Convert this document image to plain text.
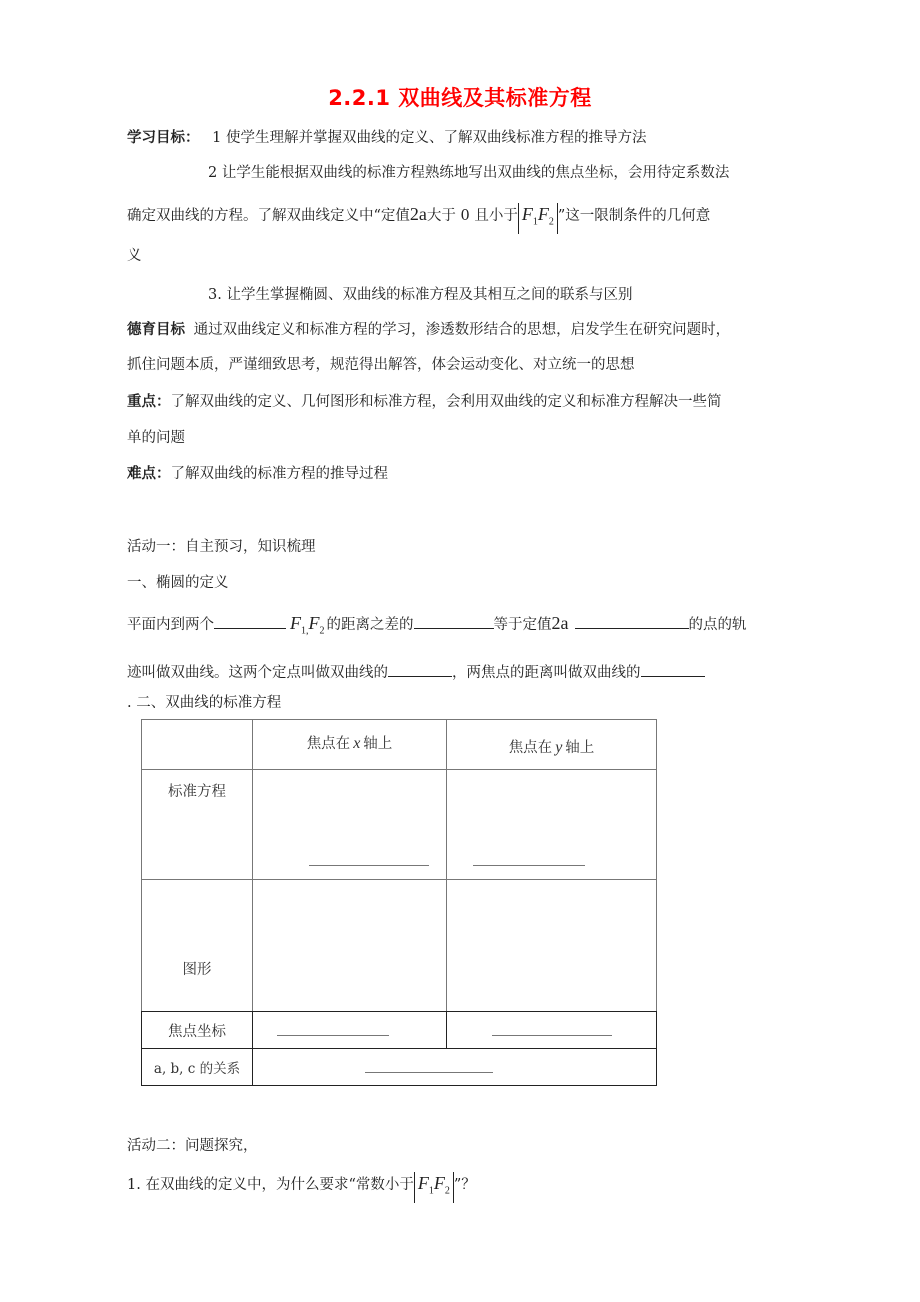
2.2.1 双曲线及其标准方程
学习目标： 1 使学生理解并掌握双曲线的定义、了解双曲线标准方程的推导方法
2 让学生能根据双曲线的标准方程熟练地写出双曲线的焦点坐标，会用待定系数法
确定双曲线的方程。了解双曲线定义中“定值2a大于 0 且小于 $F_1F_2$ ”这一限制条件的几何意
义
3. 让学生掌握椭圆、双曲线的标准方程及其相互之间的联系与区别
德育目标 通过双曲线定义和标准方程的学习，渗透数形结合的思想，启发学生在研究问题时，
抓住问题本质，严谨细致思考，规范得出解答，体会运动变化、对立统一的思想
重点：了解双曲线的定义、几何图形和标准方程，会利用双曲线的定义和标准方程解决一些简
单的问题
难点：了解双曲线的标准方程的推导过程
活动一：自主预习，知识梳理
一、椭圆的定义
平面内到两个	$F_{1,}F_2$ 的距离之差的	等于定值2a	的点的轨
迹叫做双曲线。这两个定点叫做双曲线的	，两焦点的距离叫做双曲线的
. 二、双曲线的标准方程
	焦点在 x 轴上	焦点在 y 轴上
标准方程		
图形		
焦点坐标		
a, b, c 的关系		
活动二：问题探究，
1. 在双曲线的定义中，为什么要求“常数小于 $F_1F_2$ ”？
